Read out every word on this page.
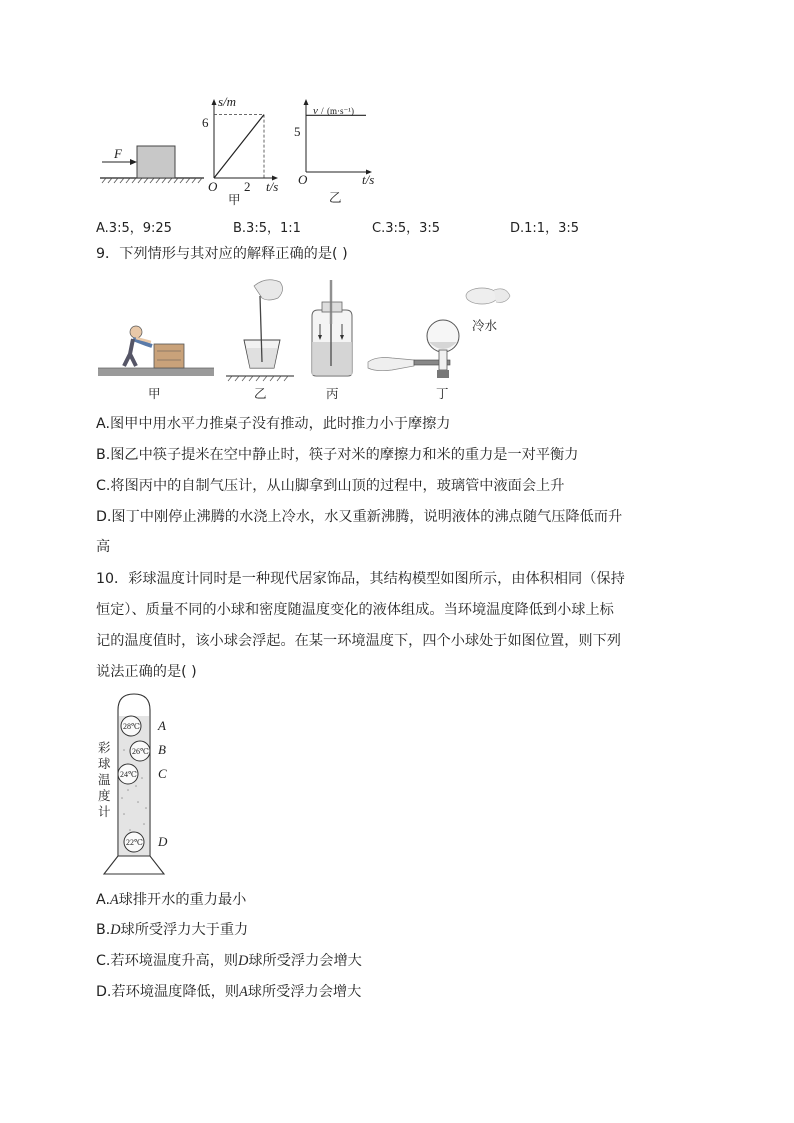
F
s/m
6
O 2 t/s
甲
v / (m·s⁻¹)
5
O	t/s
乙
A.3:5，9:25	B.3:5，1:1	C.3:5，3:5	D.1:1，3:5
9．下列情形与其对应的解释正确的是( )
甲	乙	丙
冷水
丁
A.图甲中用水平力推桌子没有推动，此时推力小于摩擦力
B.图乙中筷子提米在空中静止时，筷子对米的摩擦力和米的重力是一对平衡力
C.将图丙中的自制气压计，从山脚拿到山顶的过程中，玻璃管中液面会上升
D.图丁中刚停止沸腾的水浇上冷水，水又重新沸腾，说明液体的沸点随气压降低而升
高
10．彩球温度计同时是一种现代居家饰品，其结构模型如图所示，由体积相同（保持
恒定）、质量不同的小球和密度随温度变化的液体组成。当环境温度降低到小球上标
记的温度值时，该小球会浮起。在某一环境温度下，四个小球处于如图位置，则下列
说法正确的是( )
彩
球
温
度
计
28℃ A
26℃ B
24℃ C
22℃ D
A.A球排开水的重力最小
B.D球所受浮力大于重力
C.若环境温度升高，则D球所受浮力会增大
D.若环境温度降低，则A球所受浮力会增大
